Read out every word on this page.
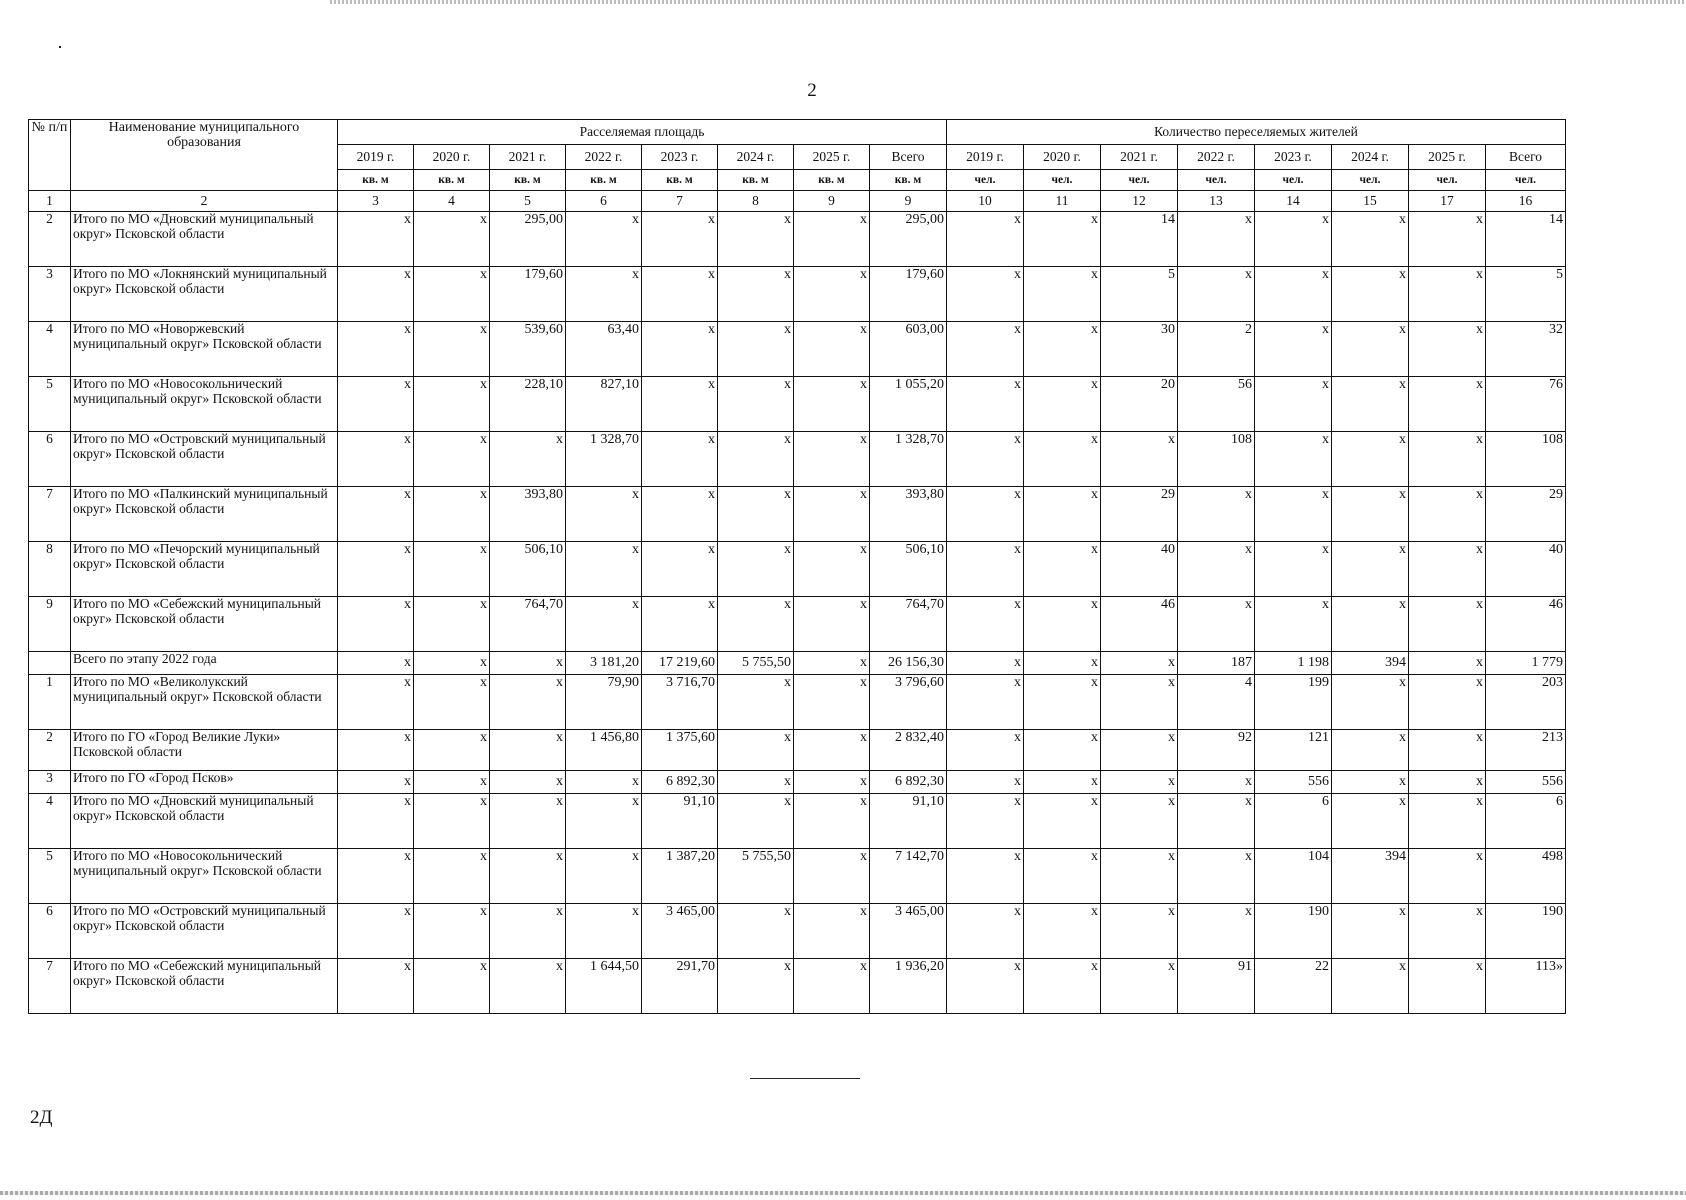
2
№ п/п	Наименование муниципального образования	Расселяемая площадь								Количество переселяемых жителей							
		2019 г.	2020 г.	2021 г.	2022 г.	2023 г.	2024 г.	2025 г.	Всего	2019 г.	2020 г.	2021 г.	2022 г.	2023 г.	2024 г.	2025 г.	Всего
		кв. м	кв. м	кв. м	кв. м	кв. м	кв. м	кв. м	кв. м	чел.	чел.	чел.	чел.	чел.	чел.	чел.	чел.
1	2	3	4	5	6	7	8	9	9	10	11	12	13	14	15	17	16
2	Итого по МО «Дновский муниципальный округ» Псковской области	x	x	295,00	x	x	x	x	295,00	x	x	14	x	x	x	x	14
3	Итого по МО «Локнянский муниципальный округ» Псковской области	x	x	179,60	x	x	x	x	179,60	x	x	5	x	x	x	x	5
4	Итого по МО «Новоржевский муниципальный округ» Псковской области	x	x	539,60	63,40	x	x	x	603,00	x	x	30	2	x	x	x	32
5	Итого по МО «Новосокольнический муниципальный округ» Псковской области	x	x	228,10	827,10	x	x	x	1 055,20	x	x	20	56	x	x	x	76
6	Итого по МО «Островский муниципальный округ» Псковской области	x	x	x	1 328,70	x	x	x	1 328,70	x	x	x	108	x	x	x	108
7	Итого по МО «Палкинский муниципальный округ» Псковской области	x	x	393,80	x	x	x	x	393,80	x	x	29	x	x	x	x	29
8	Итого по МО «Печорский муниципальный округ» Псковской области	x	x	506,10	x	x	x	x	506,10	x	x	40	x	x	x	x	40
9	Итого по МО «Себежский муниципальный округ» Псковской области	x	x	764,70	x	x	x	x	764,70	x	x	46	x	x	x	x	46
	Всего по этапу 2022 года	x	x	x	3 181,20	17 219,60	5 755,50	x	26 156,30	x	x	x	187	1 198	394	x	1 779
1	Итого по МО «Великолукский муниципальный округ» Псковской области	x	x	x	79,90	3 716,70	x	x	3 796,60	x	x	x	4	199	x	x	203
2	Итого по ГО «Город Великие Луки» Псковской области	x	x	x	1 456,80	1 375,60	x	x	2 832,40	x	x	x	92	121	x	x	213
3	Итого по ГО «Город Псков»	x	x	x	x	6 892,30	x	x	6 892,30	x	x	x	x	556	x	x	556
4	Итого по МО «Дновский муниципальный округ» Псковской области	x	x	x	x	91,10	x	x	91,10	x	x	x	x	6	x	x	6
5	Итого по МО «Новосокольнический муниципальный округ» Псковской области	x	x	x	x	1 387,20	5 755,50	x	7 142,70	x	x	x	x	104	394	x	498
6	Итого по МО «Островский муниципальный округ» Псковской области	x	x	x	x	3 465,00	x	x	3 465,00	x	x	x	x	190	x	x	190
7	Итого по МО «Себежский муниципальный округ» Псковской области	x	x	x	1 644,50	291,70	x	x	1 936,20	x	x	x	91	22	x	x	113»
2Д
